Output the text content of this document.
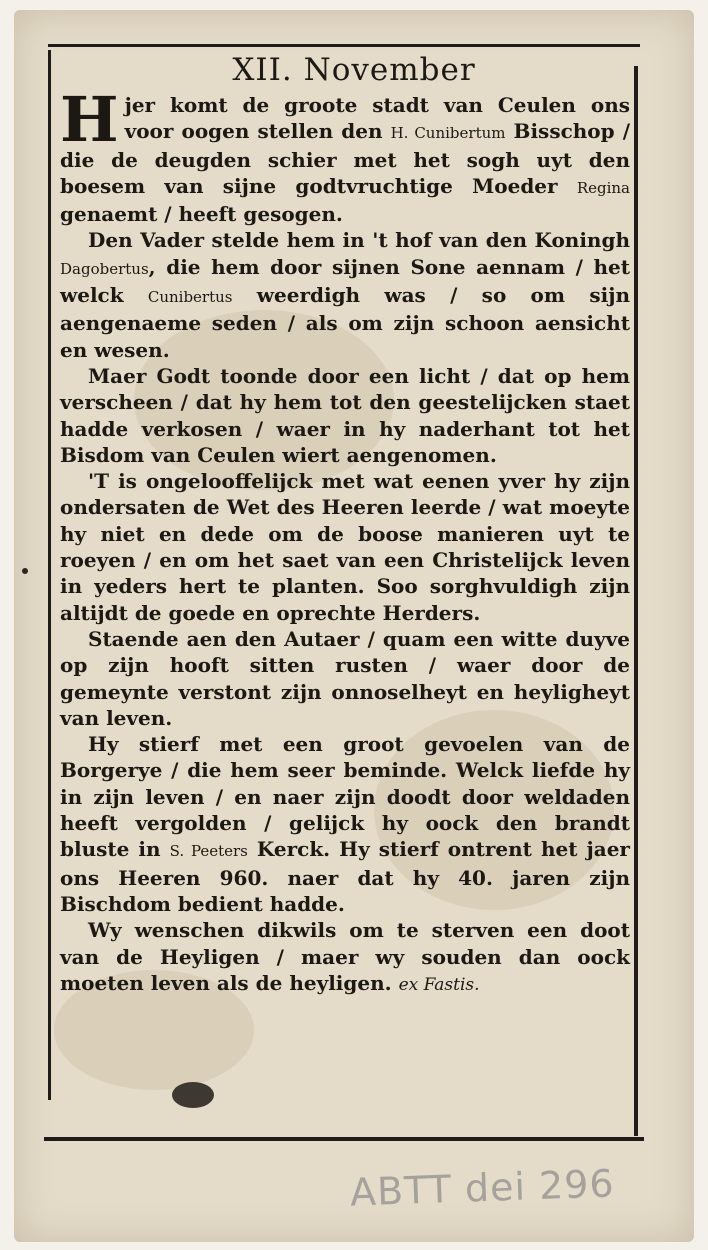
XII. November

Hjer komt de groote stadt van Ceulen ons voor oogen stellen den H. Cunibertum Bisschop / die de deugden schier met het sogh uyt den boesem van sijne godtvruchtige Moeder Regina genaemt / heeft gesogen.

Den Vader stelde hem in 't hof van den Koningh Dagobertus, die hem door sijnen Sone aennam / het welck Cunibertus weerdigh was / so om sijn aengenaeme seden / als om zijn schoon aensicht en wesen.

Maer Godt toonde door een licht / dat op hem verscheen / dat hy hem tot den geestelijcken staet hadde verkosen / waer in hy naderhant tot het Bisdom van Ceulen wiert aengenomen.

'T is ongelooffelijck met wat eenen yver hy zijn ondersaten de Wet des Heeren leerde / wat moeyte hy niet en dede om de boose manieren uyt te roeyen / en om het saet van een Christelijck leven in yeders hert te planten. Soo sorghvuldigh zijn altijdt de goede en oprechte Herders.

Staende aen den Autaer / quam een witte duyve op zijn hooft sitten rusten / waer door de gemeynte verstont zijn onnoselheyt en heyligheyt van leven.

Hy stierf met een groot gevoelen van de Borgerye / die hem seer beminde. Welck liefde hy in zijn leven / en naer zijn doodt door weldaden heeft vergolden / gelijck hy oock den brandt bluste in S. Peeters Kerck. Hy stierf ontrent het jaer ons Heeren 960. naer dat hy 40. jaren zijn Bischdom bedient hadde.

Wy wenschen dikwils om te sterven een doot van de Heyligen / maer wy souden dan oock moeten leven als de heyligen. ex Fastis.

ABTT dei 296
